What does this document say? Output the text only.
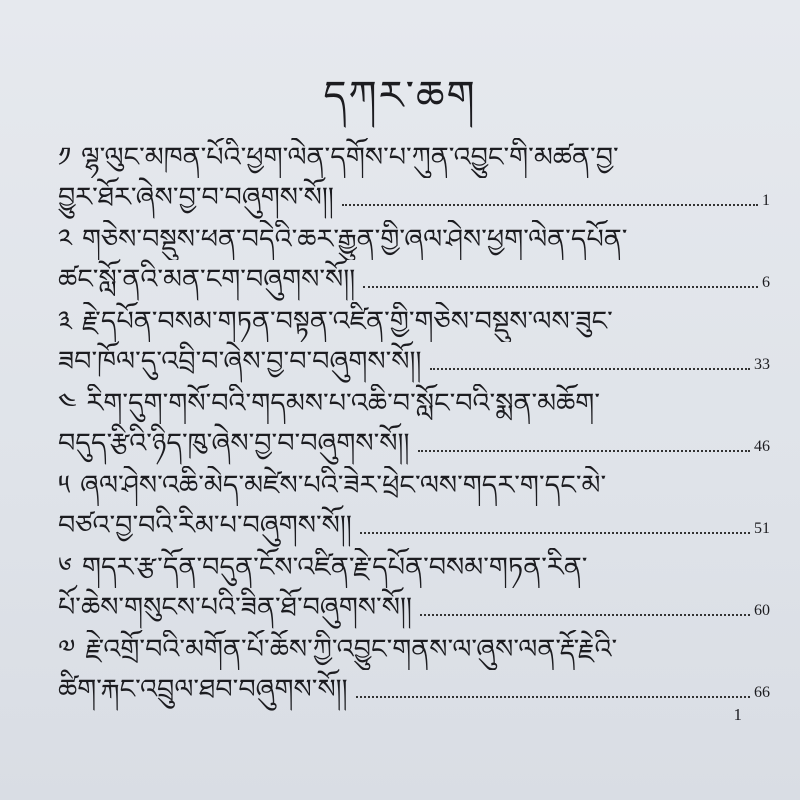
དཀར་ཆག
༡ ལྷ་ལུང་མཁན་པོའི་ཕྱག་ལེན་དགོས་པ་ཀུན་འབྱུང་གི་མཚན་བྱ་
བྱུར་ཐོར་ཞེས་བྱ་བ་བཞུགས་སོ།།	1
༢ གཅེས་བསྡུས་ཕན་བདེའི་ཆར་རྒྱུན་གྱི་ཞལ་ཤེས་ཕྱག་ལེན་དཔོན་
ཚང་སློ་ནའི་མན་ངག་བཞུགས་སོ།།	6
༣ རྗེ་དཔོན་བསམ་གཏན་བསྟན་འཛིན་གྱི་གཅེས་བསྡུས་ལས་ཟུང་
ཟབ་ཁོལ་དུ་འབྲི་བ་ཞེས་བྱ་བ་བཞུགས་སོ།།	33
༤ རིག་དུག་གསོ་བའི་གདམས་པ་འཆི་བ་སློང་བའི་སྨན་མཆོག་
བདུད་རྩིའི་ཉིད་ཁུ་ཞེས་བྱ་བ་བཞུགས་སོ།།	46
༥ ཞལ་ཤེས་འཆི་མེད་མཛེས་པའི་ཟེར་ཕྲེང་ལས་གདར་ག་དང་མེ་
བཙའ་བྱ་བའི་རིམ་པ་བཞུགས་སོ།།	51
༦ གདར་རྩ་དོན་བདུན་ངོས་འཛིན་རྗེ་དཔོན་བསམ་གཏན་རིན་
པོ་ཆེས་གསུངས་པའི་ཟིན་ཐོ་བཞུགས་སོ།།	60
༧ རྗེ་འགྲོ་བའི་མགོན་པོ་ཆོས་ཀྱི་འབྱུང་གནས་ལ་ཞུས་ལན་རྡོ་རྗེའི་
ཚིག་རྐང་འབྲུལ་ཐབ་བཞུགས་སོ།།	66
1
